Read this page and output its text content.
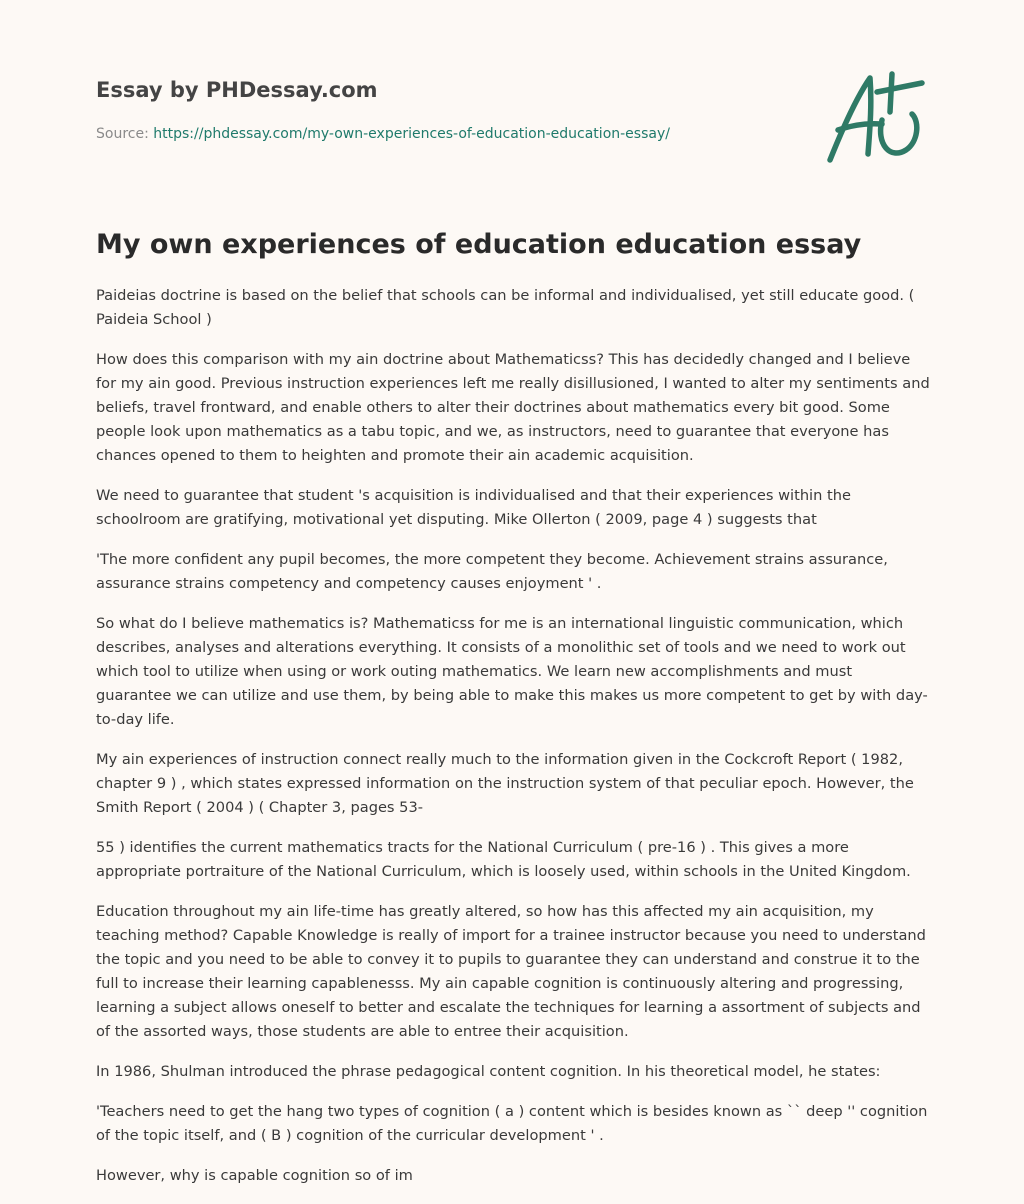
Essay by PHDessay.com
Source: https://phdessay.com/my-own-experiences-of-education-education-essay/
My own experiences of education education essay

Paideias doctrine is based on the belief that schools can be informal and individualised, yet still educate good. ( Paideia School )

How does this comparison with my ain doctrine about Mathematicss? This has decidedly changed and I believe for my ain good. Previous instruction experiences left me really disillusioned, I wanted to alter my sentiments and beliefs, travel frontward, and enable others to alter their doctrines about mathematics every bit good. Some people look upon mathematics as a tabu topic, and we, as instructors, need to guarantee that everyone has chances opened to them to heighten and promote their ain academic acquisition.

We need to guarantee that student 's acquisition is individualised and that their experiences within the schoolroom are gratifying, motivational yet disputing. Mike Ollerton ( 2009, page 4 ) suggests that

'The more confident any pupil becomes, the more competent they become. Achievement strains assurance, assurance strains competency and competency causes enjoyment ' .

So what do I believe mathematics is? Mathematicss for me is an international linguistic communication, which describes, analyses and alterations everything. It consists of a monolithic set of tools and we need to work out which tool to utilize when using or work outing mathematics. We learn new accomplishments and must guarantee we can utilize and use them, by being able to make this makes us more competent to get by with day-to-day life.

My ain experiences of instruction connect really much to the information given in the Cockcroft Report ( 1982, chapter 9 ) , which states expressed information on the instruction system of that peculiar epoch. However, the Smith Report ( 2004 ) ( Chapter 3, pages 53-

55 ) identifies the current mathematics tracts for the National Curriculum ( pre-16 ) . This gives a more appropriate portraiture of the National Curriculum, which is loosely used, within schools in the United Kingdom.

Education throughout my ain life-time has greatly altered, so how has this affected my ain acquisition, my teaching method? Capable Knowledge is really of import for a trainee instructor because you need to understand the topic and you need to be able to convey it to pupils to guarantee they can understand and construe it to the full to increase their learning capablenesss. My ain capable cognition is continuously altering and progressing, learning a subject allows oneself to better and escalate the techniques for learning a assortment of subjects and of the assorted ways, those students are able to entree their acquisition.

In 1986, Shulman introduced the phrase pedagogical content cognition. In his theoretical model, he states:

'Teachers need to get the hang two types of cognition ( a ) content which is besides known as `` deep '' cognition of the topic itself, and ( B ) cognition of the curricular development ' .

However, why is capable cognition so of im
